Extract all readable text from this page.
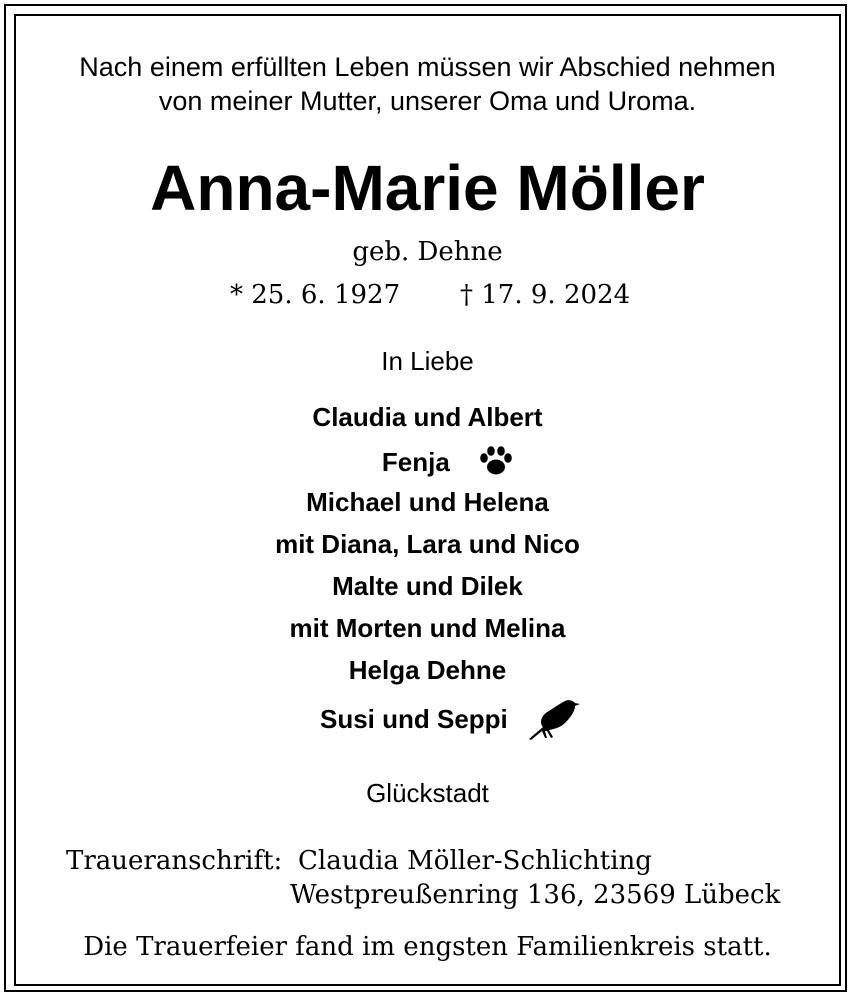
Nach einem erfüllten Leben müssen wir Abschied nehmen
von meiner Mutter, unserer Oma und Uroma.
Anna-Marie Möller
geb. Dehne
* 25. 6. 1927 † 17. 9. 2024
In Liebe
Claudia und Albert
Fenja
Michael und Helena
mit Diana, Lara und Nico
Malte und Dilek
mit Morten und Melina
Helga Dehne
Susi und Seppi
Glückstadt
Traueranschrift: Claudia Möller-Schlichting
Westpreußenring 136, 23569 Lübeck
Die Trauerfeier fand im engsten Familienkreis statt.
